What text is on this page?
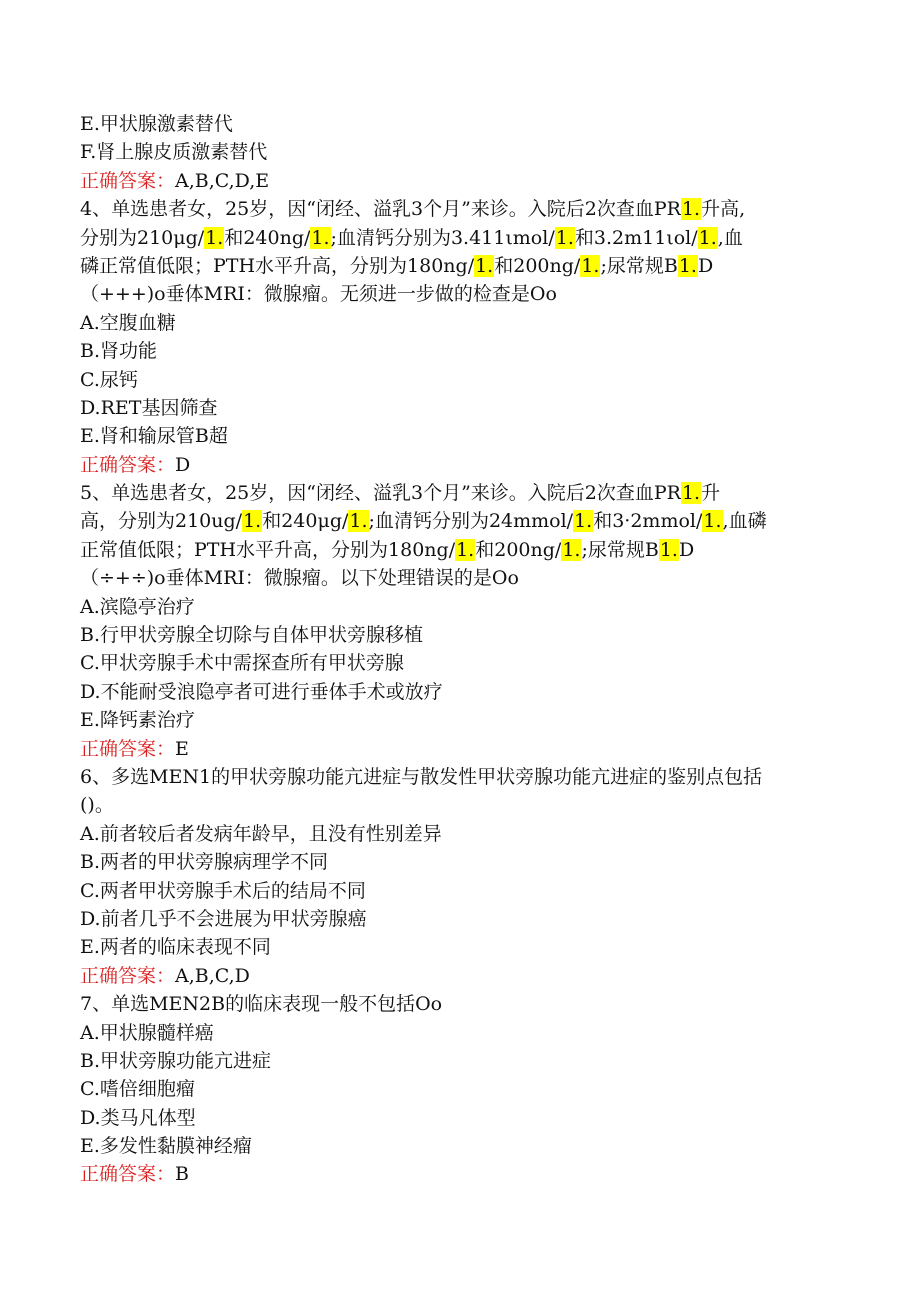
E.甲状腺激素替代
F.肾上腺皮质激素替代
正确答案：A,B,C,D,E
4、单选患者女，25岁，因“闭经、溢乳3个月”来诊。入院后2次查血PR1.升高,
分别为210μg/1.和240ng/1.;血清钙分别为3.411ιmol/1.和3.2m11ιol/1.,血
磷正常值低限；PTH水平升高，分别为180ng/1.和200ng/1.;尿常规B1.D
（+++)o垂体MRI：微腺瘤。无须进一步做的检查是Oo
A.空腹血糖
B.肾功能
C.尿钙
D.RET基因筛查
E.肾和输尿管B超
正确答案：D
5、单选患者女，25岁，因“闭经、溢乳3个月”来诊。入院后2次查血PR1.升
高，分别为210ug/1.和240μg/1.;血清钙分别为24mmol/1.和3·2mmol/1.,血磷
正常值低限；PTH水平升高，分别为180ng/1.和200ng/1.;尿常规B1.D
（÷+÷)o垂体MRI：微腺瘤。以下处理错误的是Oo
A.滨隐亭治疗
B.行甲状旁腺全切除与自体甲状旁腺移植
C.甲状旁腺手术中需探查所有甲状旁腺
D.不能耐受浪隐亭者可进行垂体手术或放疗
E.降钙素治疗
正确答案：E
6、多选MEN1的甲状旁腺功能亢进症与散发性甲状旁腺功能亢进症的鉴别点包括
()。
A.前者较后者发病年龄早，且没有性别差异
B.两者的甲状旁腺病理学不同
C.两者甲状旁腺手术后的结局不同
D.前者几乎不会进展为甲状旁腺癌
E.两者的临床表现不同
正确答案：A,B,C,D
7、单选MEN2B的临床表现一般不包括Oo
A.甲状腺髓样癌
B.甲状旁腺功能亢进症
C.嗜倍细胞瘤
D.类马凡体型
E.多发性黏膜神经瘤
正确答案：B
